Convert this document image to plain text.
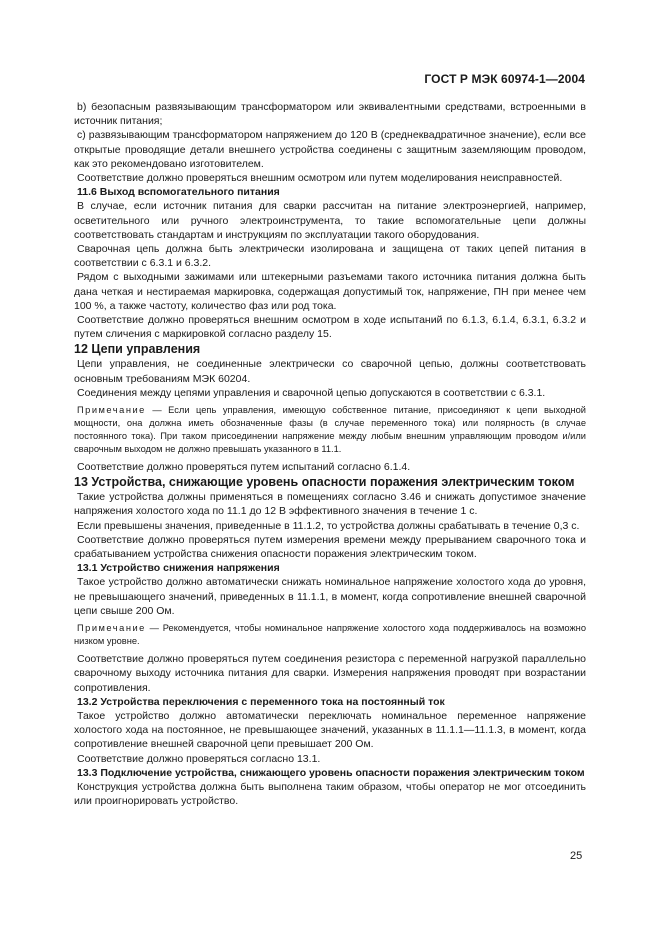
ГОСТ Р МЭК 60974-1—2004

b) безопасным развязывающим трансформатором или эквивалентными средствами, встроенными в источник питания;

c) развязывающим трансформатором напряжением до 120 В (среднеквадратичное значение), если все открытые проводящие детали внешнего устройства соединены с защитным заземляющим проводом, как это рекомендовано изготовителем.

Соответствие должно проверяться внешним осмотром или путем моделирования неисправностей.

11.6 Выход вспомогательного питания

В случае, если источник питания для сварки рассчитан на питание электроэнергией, например, осветительного или ручного электроинструмента, то такие вспомогательные цепи должны соответствовать стандартам и инструкциям по эксплуатации такого оборудования.

Сварочная цепь должна быть электрически изолирована и защищена от таких цепей питания в соответствии с 6.3.1 и 6.3.2.

Рядом с выходными зажимами или штекерными разъемами такого источника питания должна быть дана четкая и нестираемая маркировка, содержащая допустимый ток, напряжение, ПН при менее чем 100 %, а также частоту, количество фаз или род тока.

Соответствие должно проверяться внешним осмотром в ходе испытаний по 6.1.3, 6.1.4, 6.3.1, 6.3.2 и путем сличения с маркировкой согласно разделу 15.

12 Цепи управления

Цепи управления, не соединенные электрически со сварочной цепью, должны соответствовать основным требованиям МЭК 60204.

Соединения между цепями управления и сварочной цепью допускаются в соответствии с 6.3.1.

Примечание — Если цепь управления, имеющую собственное питание, присоединяют к цепи выходной мощности, она должна иметь обозначенные фазы (в случае переменного тока) или полярность (в случае постоянного тока). При таком присоединении напряжение между любым внешним управляющим проводом и/или сварочным выходом не должно превышать указанного в 11.1.

Соответствие должно проверяться путем испытаний согласно 6.1.4.

13 Устройства, снижающие уровень опасности поражения электрическим током

Такие устройства должны применяться в помещениях согласно 3.46 и снижать допустимое значение напряжения холостого хода по 11.1 до 12 В эффективного значения в течение 1 с.

Если превышены значения, приведенные в 11.1.2, то устройства должны срабатывать в течение 0,3 с.

Соответствие должно проверяться путем измерения времени между прерыванием сварочного тока и срабатыванием устройства снижения опасности поражения электрическим током.

13.1 Устройство снижения напряжения

Такое устройство должно автоматически снижать номинальное напряжение холостого хода до уровня, не превышающего значений, приведенных в 11.1.1, в момент, когда сопротивление внешней сварочной цепи свыше 200 Ом.

Примечание — Рекомендуется, чтобы номинальное напряжение холостого хода поддерживалось на возможно низком уровне.

Соответствие должно проверяться путем соединения резистора с переменной нагрузкой параллельно сварочному выходу источника питания для сварки. Измерения напряжения проводят при возрастании сопротивления.

13.2 Устройства переключения с переменного тока на постоянный ток

Такое устройство должно автоматически переключать номинальное переменное напряжение холостого хода на постоянное, не превышающее значений, указанных в 11.1.1—11.1.3, в момент, когда сопротивление внешней сварочной цепи превышает 200 Ом.

Соответствие должно проверяться согласно 13.1.

13.3 Подключение устройства, снижающего уровень опасности поражения электрическим током

Конструкция устройства должна быть выполнена таким образом, чтобы оператор не мог отсоединить или проигнорировать устройство.

25
